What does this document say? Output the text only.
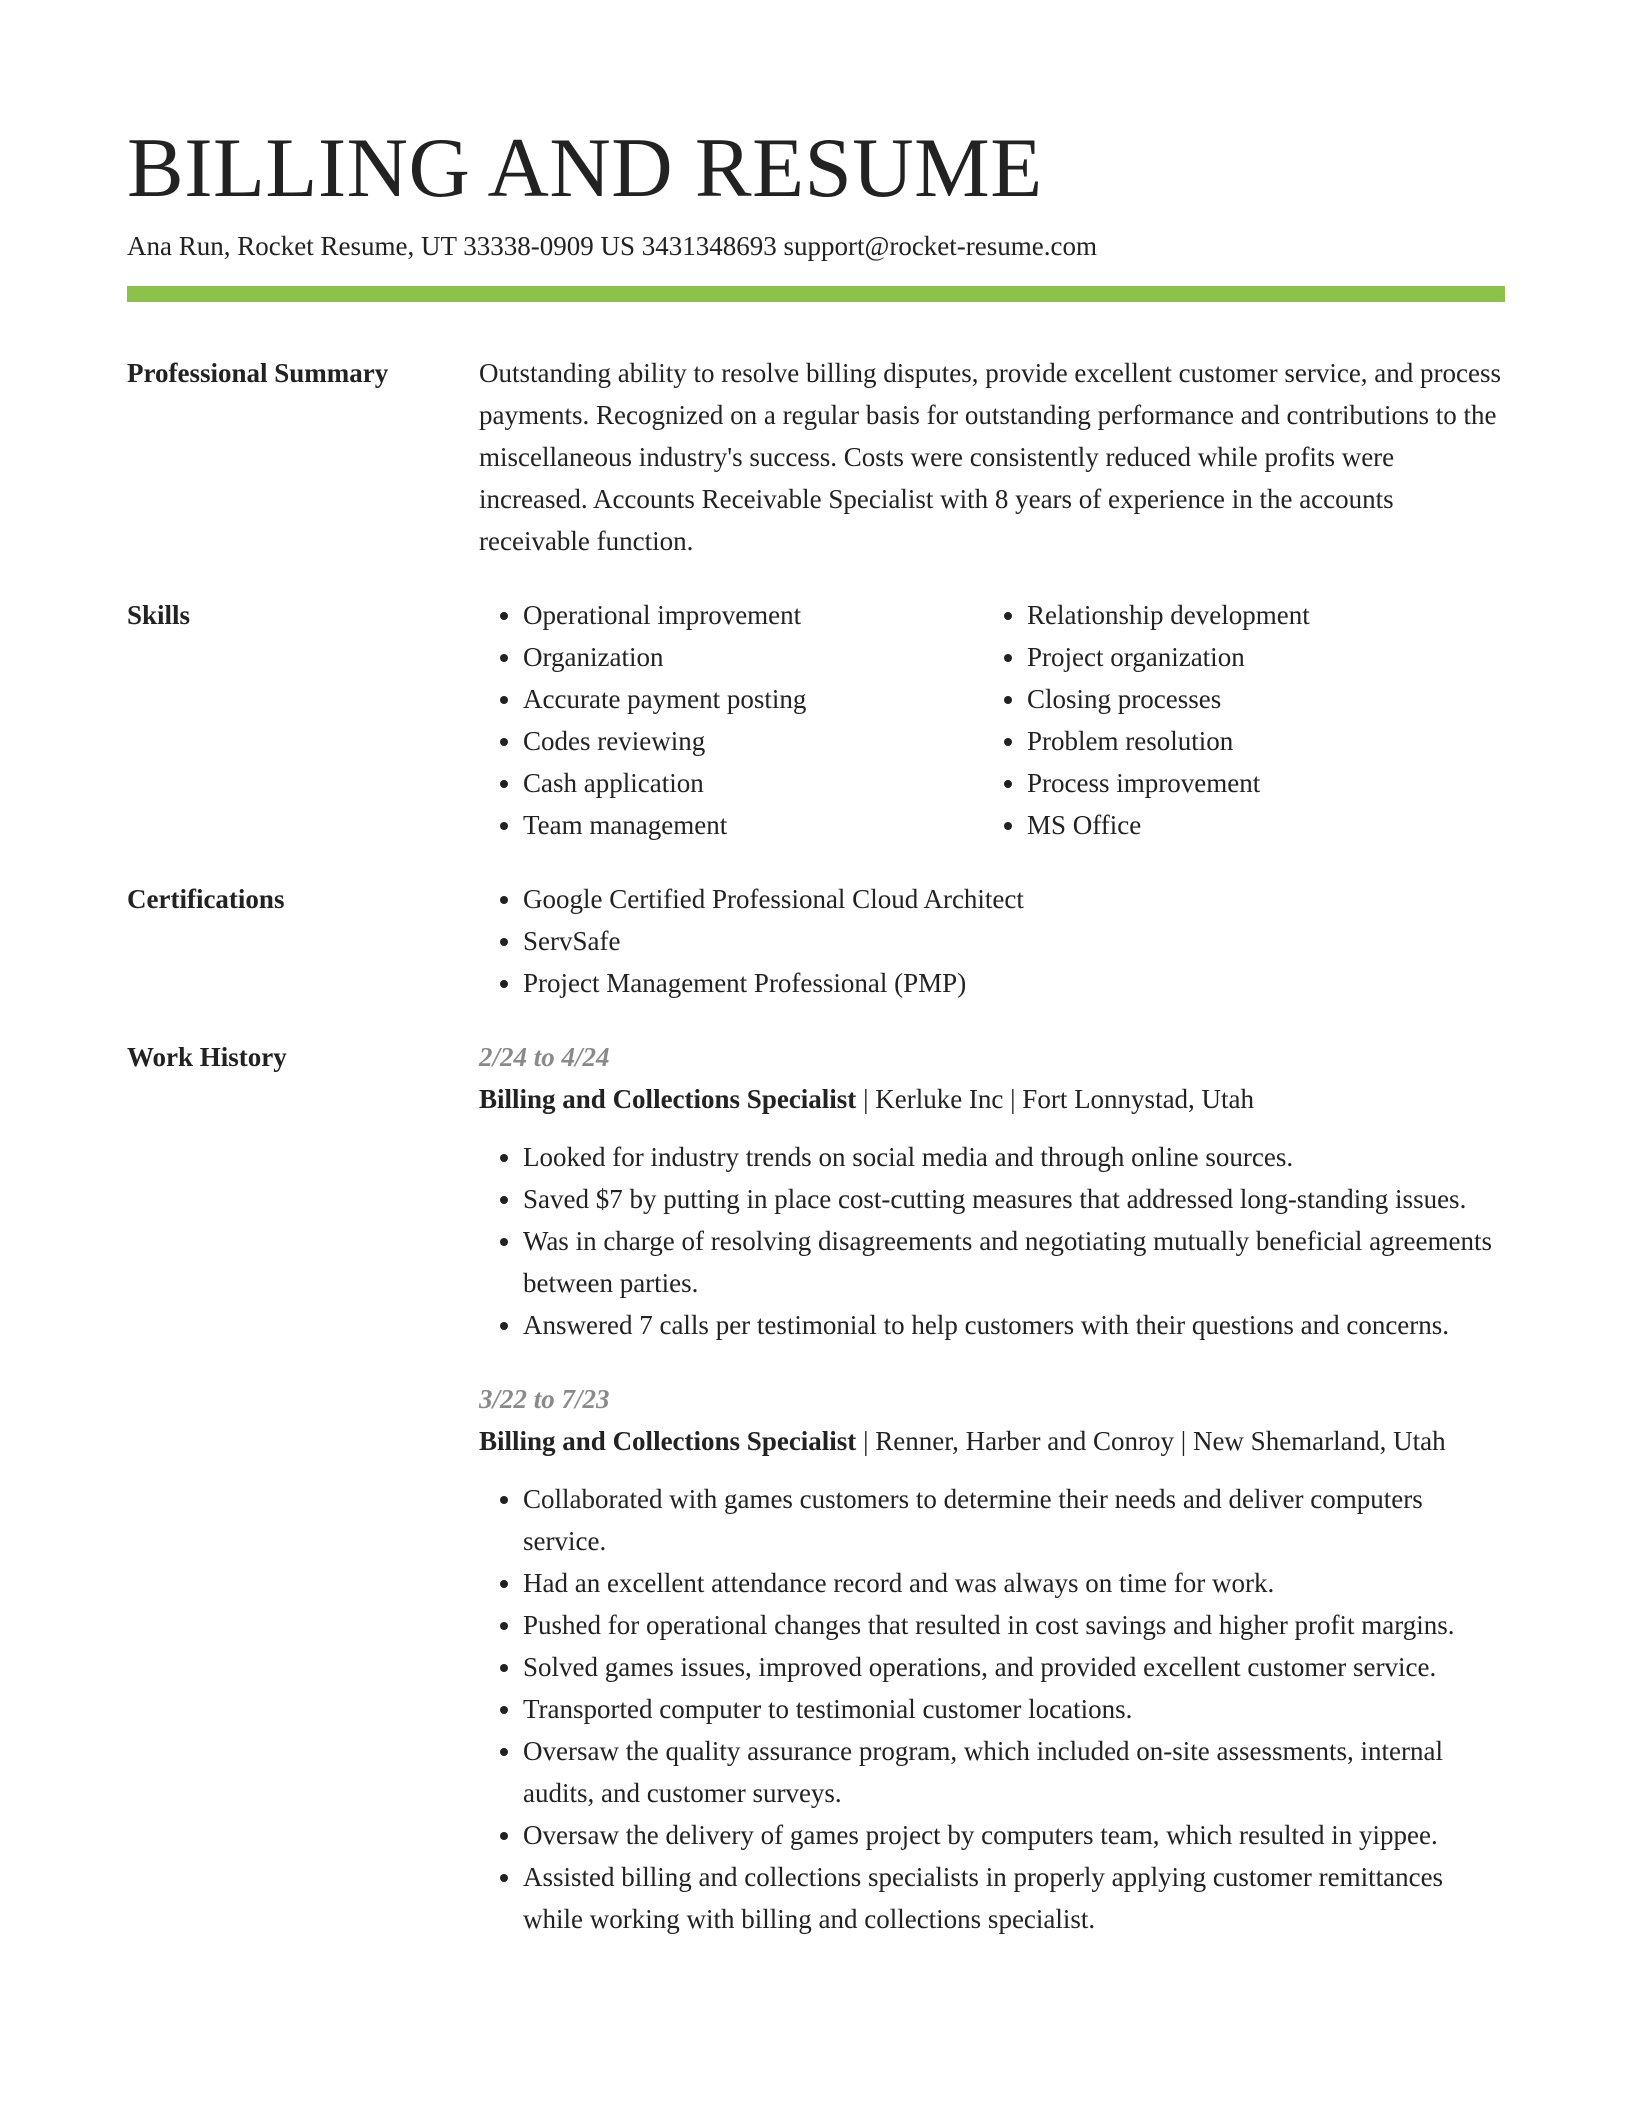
BILLING AND RESUME
Ana Run, Rocket Resume, UT 33338-0909 US 3431348693 support@rocket-resume.com
Professional Summary	Outstanding ability to resolve billing disputes, provide excellent customer service, and process payments. Recognized on a regular basis for outstanding performance and contributions to the miscellaneous industry's success. Costs were consistently reduced while profits were increased. Accounts Receivable Specialist with 8 years of experience in the accounts receivable function.
Skills	• Operational improvement
• Organization
• Accurate payment posting
• Codes reviewing
• Cash application
• Team management
• Relationship development
• Project organization
• Closing processes
• Problem resolution
• Process improvement
• MS Office
Certifications	• Google Certified Professional Cloud Architect
• ServSafe
• Project Management Professional (PMP)
Work History	2/24 to 4/24
Billing and Collections Specialist | Kerluke Inc | Fort Lonnystad, Utah
• Looked for industry trends on social media and through online sources.
• Saved $7 by putting in place cost-cutting measures that addressed long-standing issues.
• Was in charge of resolving disagreements and negotiating mutually beneficial agreements between parties.
• Answered 7 calls per testimonial to help customers with their questions and concerns.
3/22 to 7/23
Billing and Collections Specialist | Renner, Harber and Conroy | New Shemarland, Utah
• Collaborated with games customers to determine their needs and deliver computers service.
• Had an excellent attendance record and was always on time for work.
• Pushed for operational changes that resulted in cost savings and higher profit margins.
• Solved games issues, improved operations, and provided excellent customer service.
• Transported computer to testimonial customer locations.
• Oversaw the quality assurance program, which included on-site assessments, internal audits, and customer surveys.
• Oversaw the delivery of games project by computers team, which resulted in yippee.
• Assisted billing and collections specialists in properly applying customer remittances while working with billing and collections specialist.
